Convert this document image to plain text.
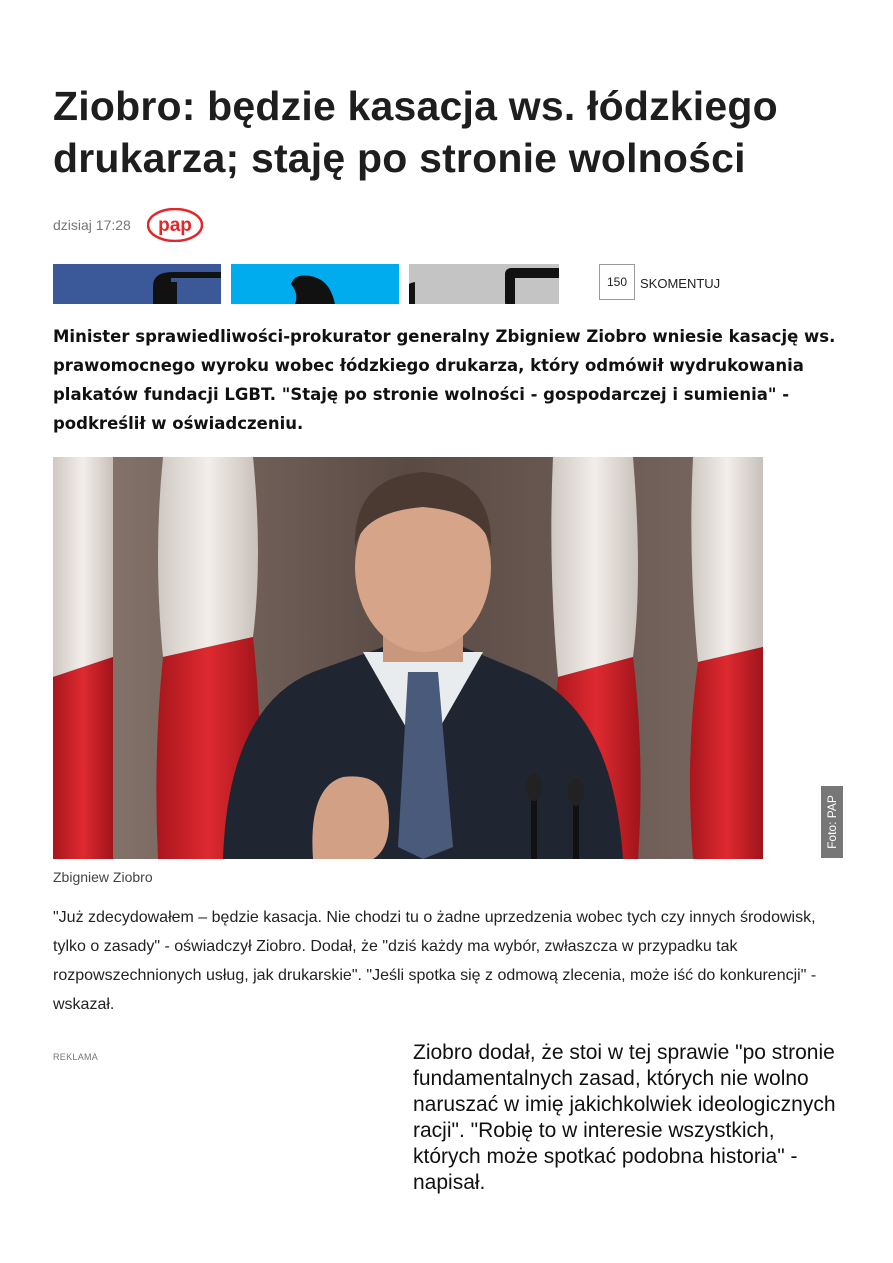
Ziobro: będzie kasacja ws. łódzkiego drukarza; staję po stronie wolności
dzisiaj 17:28 pap
150 SKOMENTUJ

Minister sprawiedliwości-prokurator generalny Zbigniew Ziobro wniesie kasację ws. prawomocnego wyroku wobec łódzkiego drukarza, który odmówił wydrukowania plakatów fundacji LGBT. "Staję po stronie wolności - gospodarczej i sumienia" - podkreślił w oświadczeniu.

Foto: PAP
Zbigniew Ziobro

"Już zdecydowałem – będzie kasacja. Nie chodzi tu o żadne uprzedzenia wobec tych czy innych środowisk, tylko o zasady" - oświadczył Ziobro. Dodał, że "dziś każdy ma wybór, zwłaszcza w przypadku tak rozpowszechnionych usług, jak drukarskie". "Jeśli spotka się z odmową zlecenia, może iść do konkurencji" - wskazał.

REKLAMA	Ziobro dodał, że stoi w tej sprawie "po stronie fundamentalnych zasad, których nie wolno naruszać w imię jakichkolwiek ideologicznych racji". "Robię to w interesie wszystkich, których może spotkać podobna historia" - napisał.
